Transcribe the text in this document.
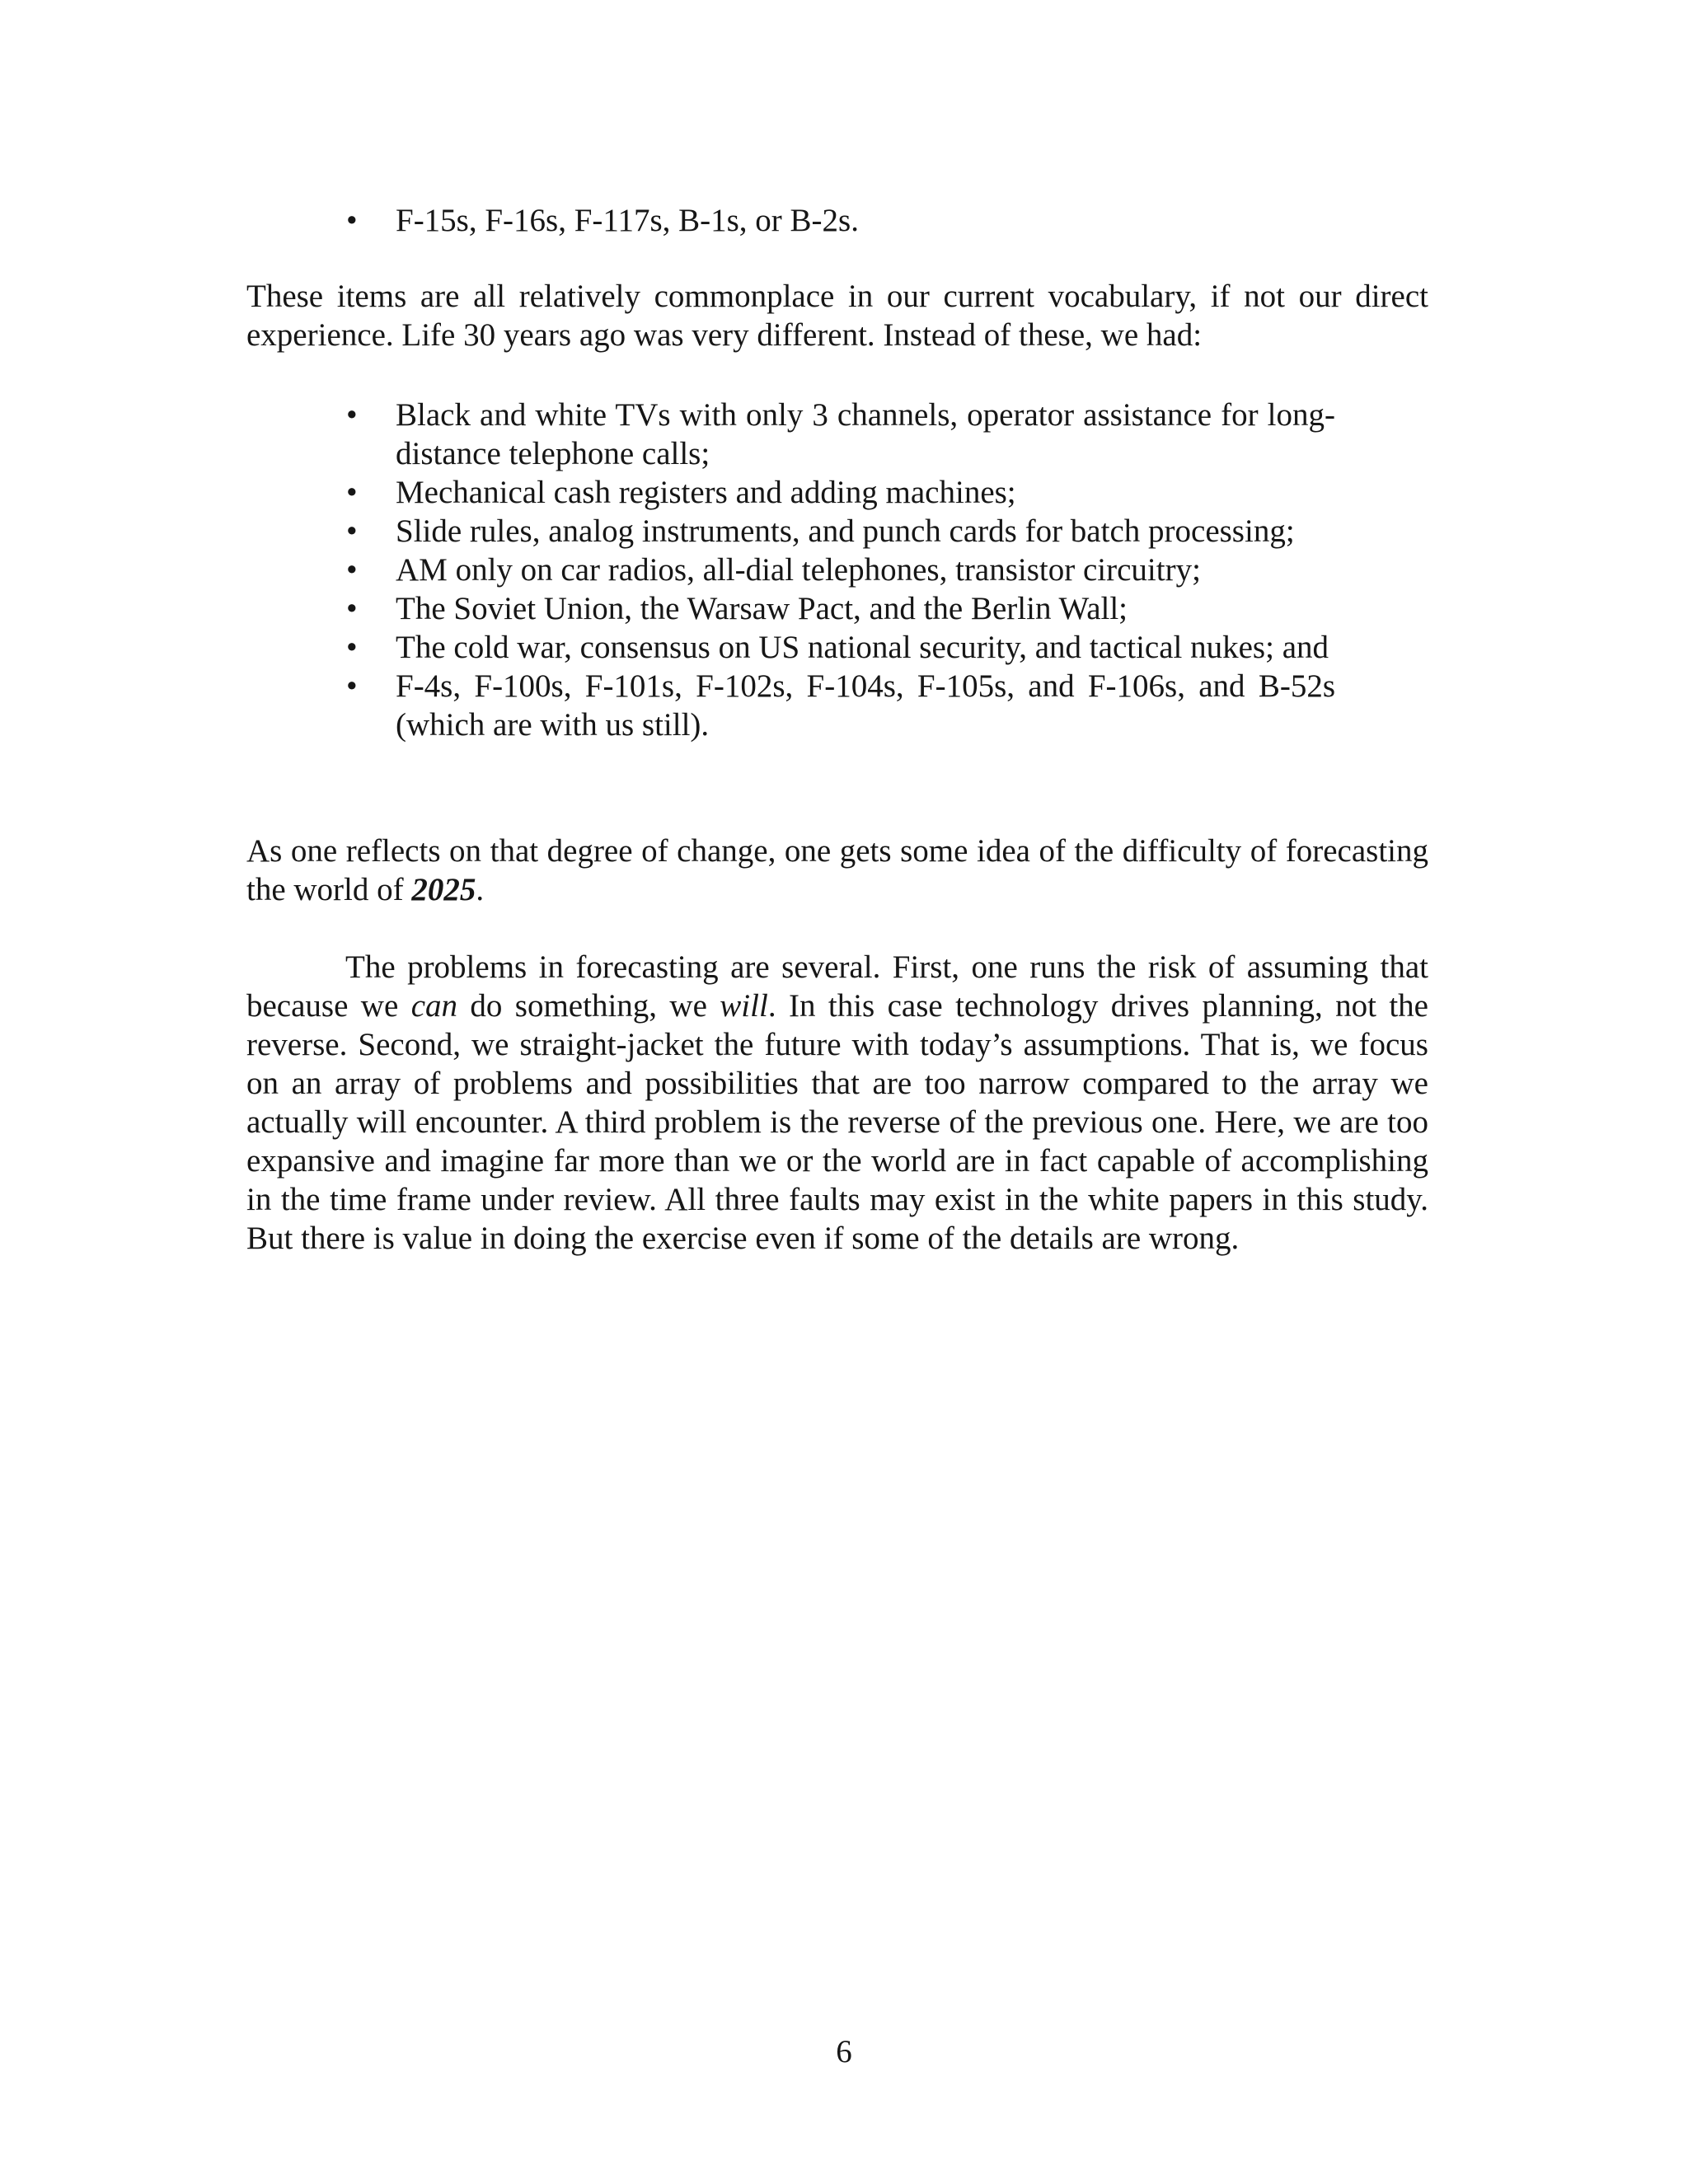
•	F-15s, F-16s, F-117s, B-1s, or B-2s.

These items are all relatively commonplace in our current vocabulary, if not our direct experience. Life 30 years ago was very different. Instead of these, we had:

•	Black and white TVs with only 3 channels, operator assistance for long-distance telephone calls;
•	Mechanical cash registers and adding machines;
•	Slide rules, analog instruments, and punch cards for batch processing;
•	AM only on car radios, all-dial telephones, transistor circuitry;
•	The Soviet Union, the Warsaw Pact, and the Berlin Wall;
•	The cold war, consensus on US national security, and tactical nukes; and
•	F-4s, F-100s, F-101s, F-102s, F-104s, F-105s, and F-106s, and B-52s (which are with us still).

As one reflects on that degree of change, one gets some idea of the difficulty of forecasting the world of 2025.

The problems in forecasting are several. First, one runs the risk of assuming that because we can do something, we will. In this case technology drives planning, not the reverse. Second, we straight-jacket the future with today’s assumptions. That is, we focus on an array of problems and possibilities that are too narrow compared to the array we actually will encounter. A third problem is the reverse of the previous one. Here, we are too expansive and imagine far more than we or the world are in fact capable of accomplishing in the time frame under review. All three faults may exist in the white papers in this study. But there is value in doing the exercise even if some of the details are wrong.

6
